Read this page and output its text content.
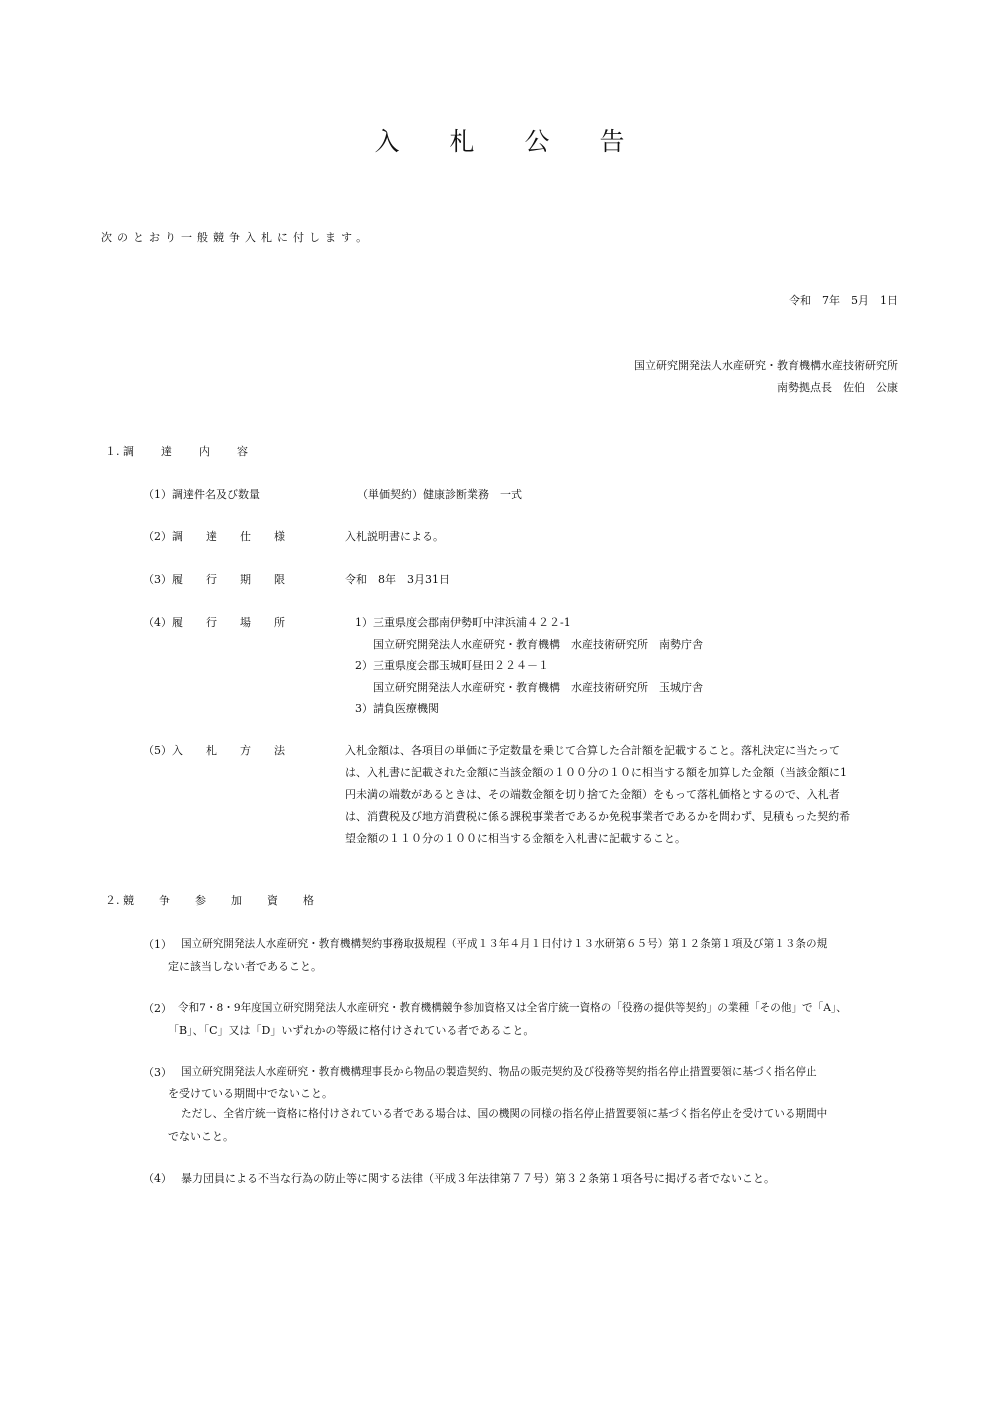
入 札 公 告
次のとおり一般競争入札に付します。
令和　7年　5月　1日
国立研究開発法人水産研究・教育機構水産技術研究所
南勢拠点長　佐伯　公康
１. 調　達　内　容
（1）調達件名及び数量	（単価契約）健康診断業務　一式
（2）調　達　仕　様	入札説明書による。
（3）履　行　期　限	令和　8年　3月31日
（4）履　行　場　所	1）三重県度会郡南伊勢町中津浜浦４２２-1
国立研究開発法人水産研究・教育機構　水産技術研究所　南勢庁舎
2）三重県度会郡玉城町昼田２２４－１
国立研究開発法人水産研究・教育機構　水産技術研究所　玉城庁舎
3）請負医療機関
（5）入　札　方　法	入札金額は、各項目の単価に予定数量を乗じて合算した合計額を記載すること。落札決定に当たって
は、入札書に記載された金額に当該金額の１００分の１０に相当する額を加算した金額（当該金額に1
円未満の端数があるときは、その端数金額を切り捨てた金額）をもって落札価格とするので、入札者
は、消費税及び地方消費税に係る課税事業者であるか免税事業者であるかを問わず、見積もった契約希
望金額の１１０分の１００に相当する金額を入札書に記載すること。
２. 競　争　参　加　資　格
（1） 国立研究開発法人水産研究・教育機構契約事務取扱規程（平成１３年４月１日付け１３水研第６５号）第１２条第１項及び第１３条の規
定に該当しない者であること。
（2） 令和7・8・9年度国立研究開発法人水産研究・教育機構競争参加資格又は全省庁統一資格の「役務の提供等契約」の業種「その他」で「A」、
「B」、「C」又は「D」いずれかの等級に格付けされている者であること。
（3） 国立研究開発法人水産研究・教育機構理事長から物品の製造契約、物品の販売契約及び役務等契約指名停止措置要領に基づく指名停止
を受けている期間中でないこと。
ただし、全省庁統一資格に格付けされている者である場合は、国の機関の同様の指名停止措置要領に基づく指名停止を受けている期間中
でないこと。
（4） 暴力団員による不当な行為の防止等に関する法律（平成３年法律第７７号）第３２条第１項各号に掲げる者でないこと。
